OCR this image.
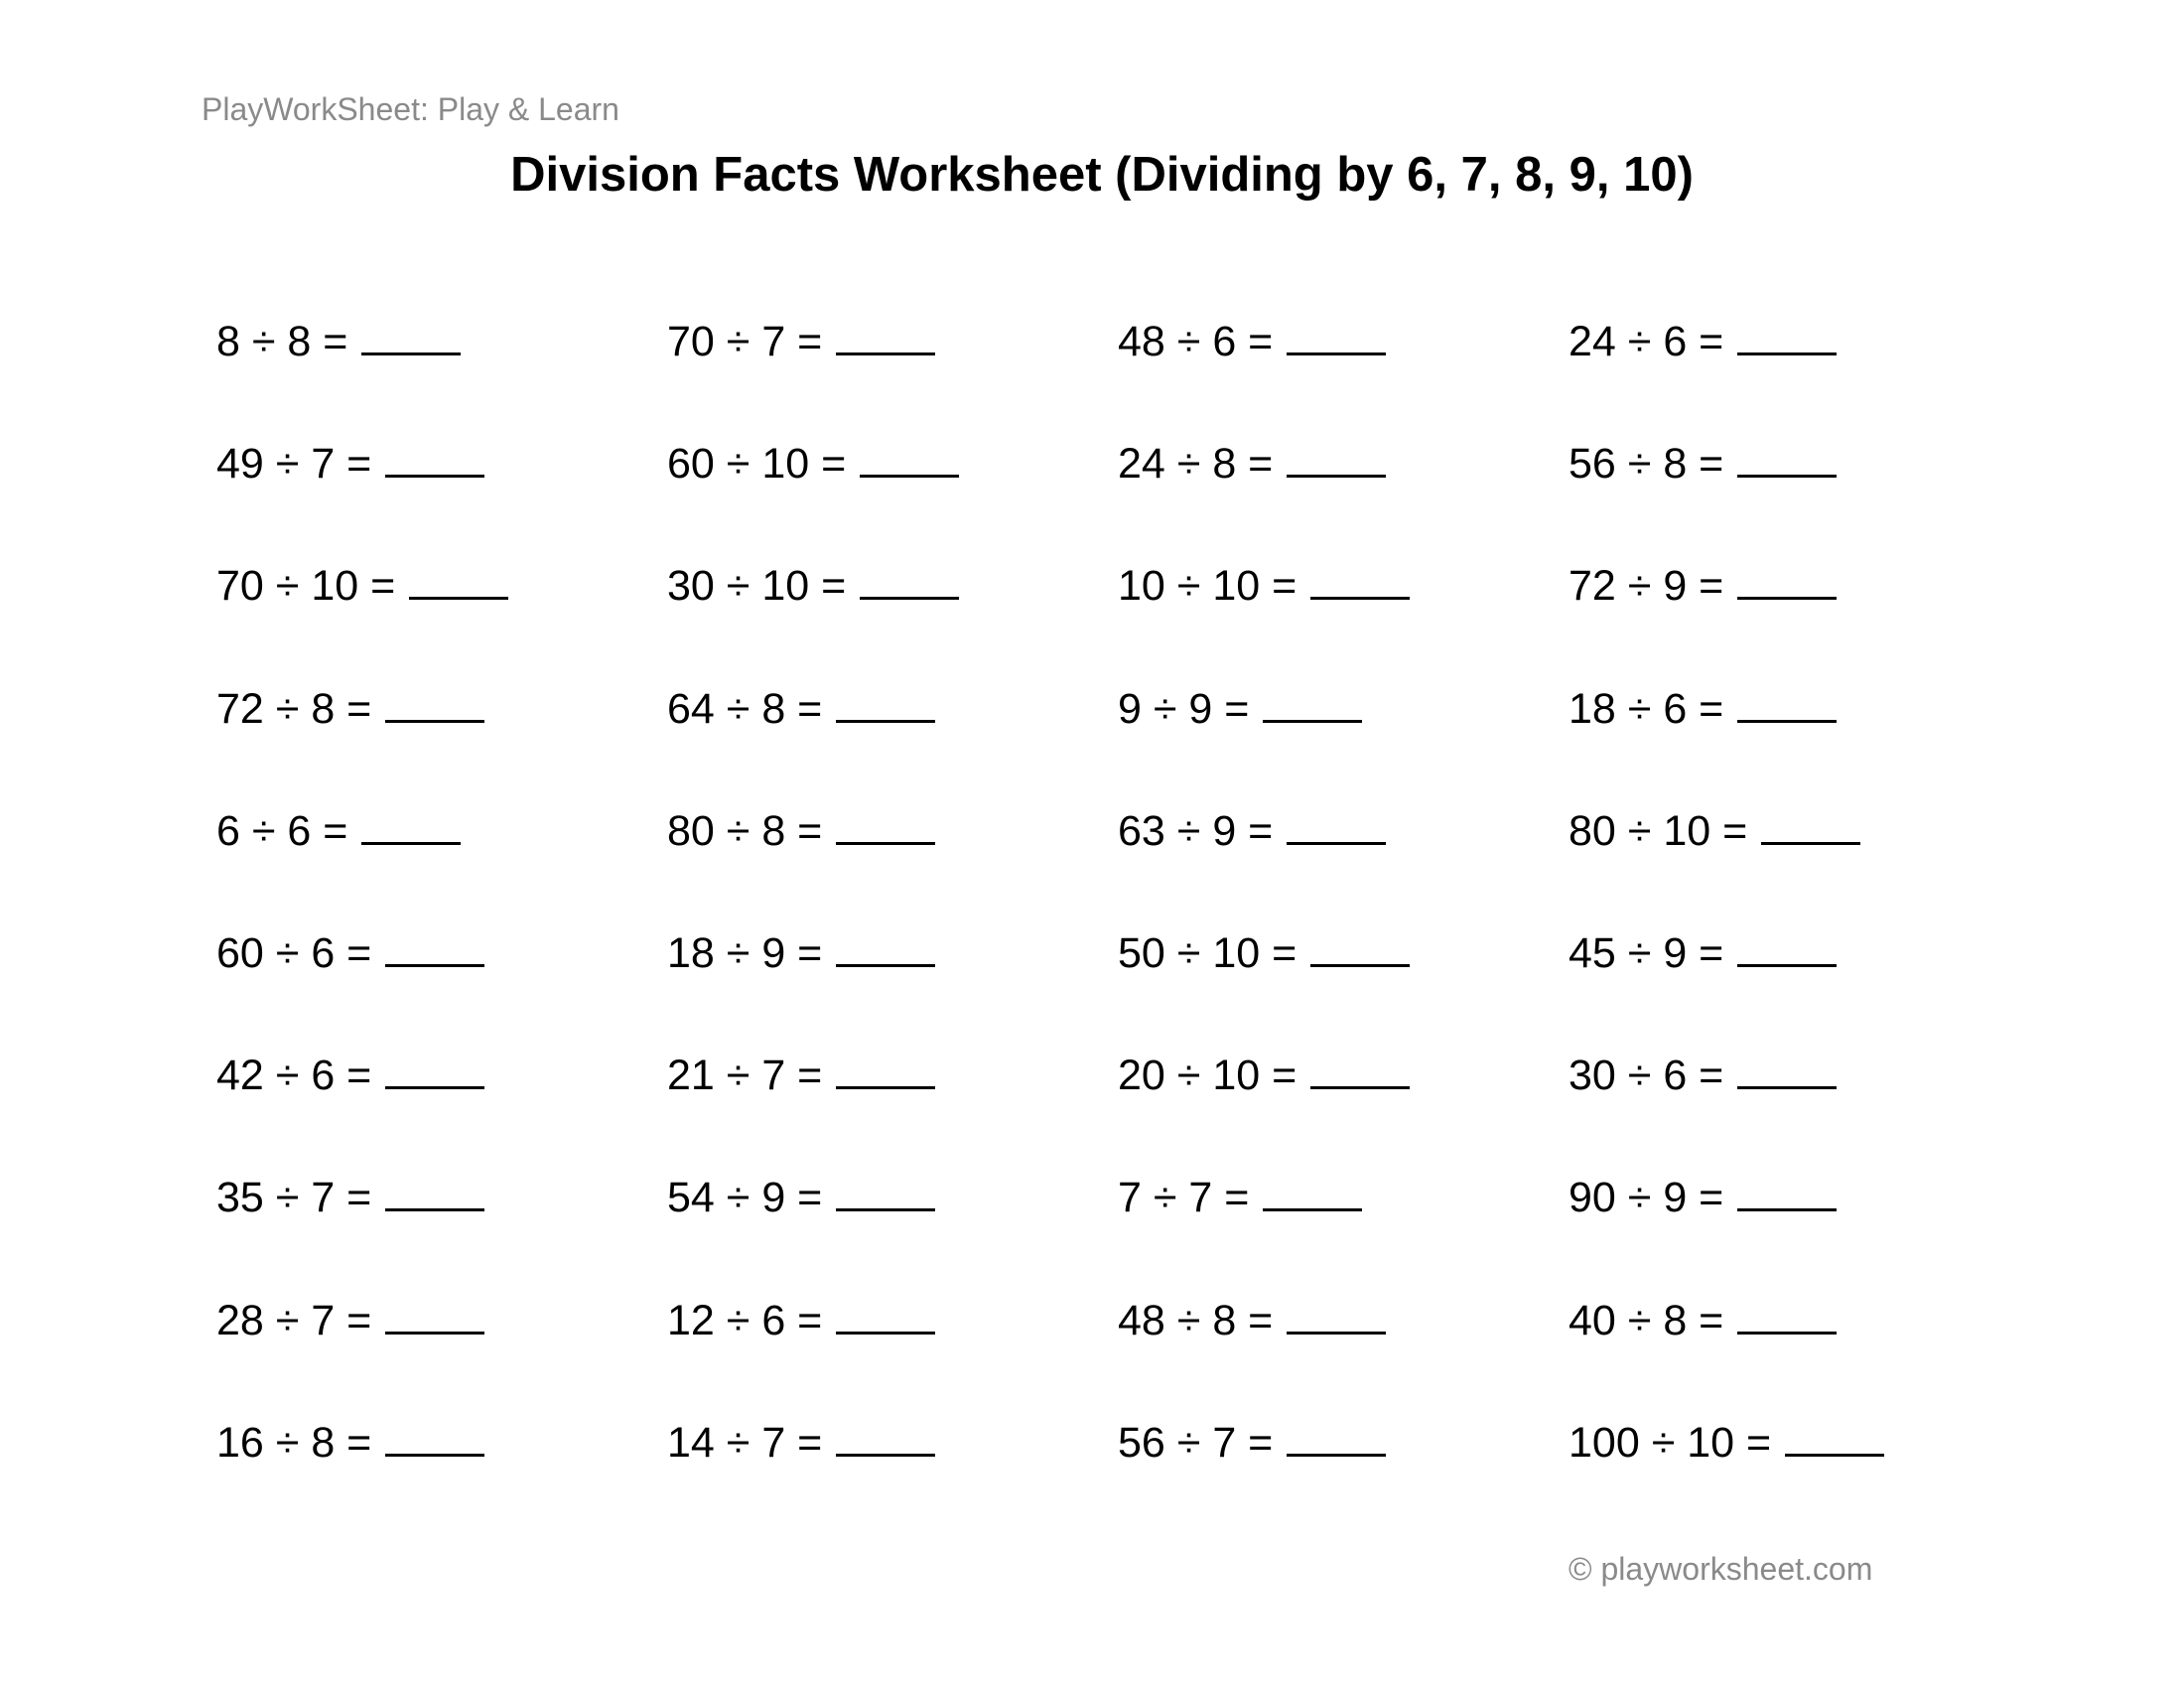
PlayWorkSheet: Play & Learn
Division Facts Worksheet (Dividing by 6, 7, 8, 9, 10)
8 ÷ 8 =
49 ÷ 7 =
70 ÷ 10 =
72 ÷ 8 =
6 ÷ 6 =
60 ÷ 6 =
42 ÷ 6 =
35 ÷ 7 =
28 ÷ 7 =
16 ÷ 8 =
70 ÷ 7 =
60 ÷ 10 =
30 ÷ 10 =
64 ÷ 8 =
80 ÷ 8 =
18 ÷ 9 =
21 ÷ 7 =
54 ÷ 9 =
12 ÷ 6 =
14 ÷ 7 =
48 ÷ 6 =
24 ÷ 8 =
10 ÷ 10 =
9 ÷ 9 =
63 ÷ 9 =
50 ÷ 10 =
20 ÷ 10 =
7 ÷ 7 =
48 ÷ 8 =
56 ÷ 7 =
24 ÷ 6 =
56 ÷ 8 =
72 ÷ 9 =
18 ÷ 6 =
80 ÷ 10 =
45 ÷ 9 =
30 ÷ 6 =
90 ÷ 9 =
40 ÷ 8 =
100 ÷ 10 =
© playworksheet.com
